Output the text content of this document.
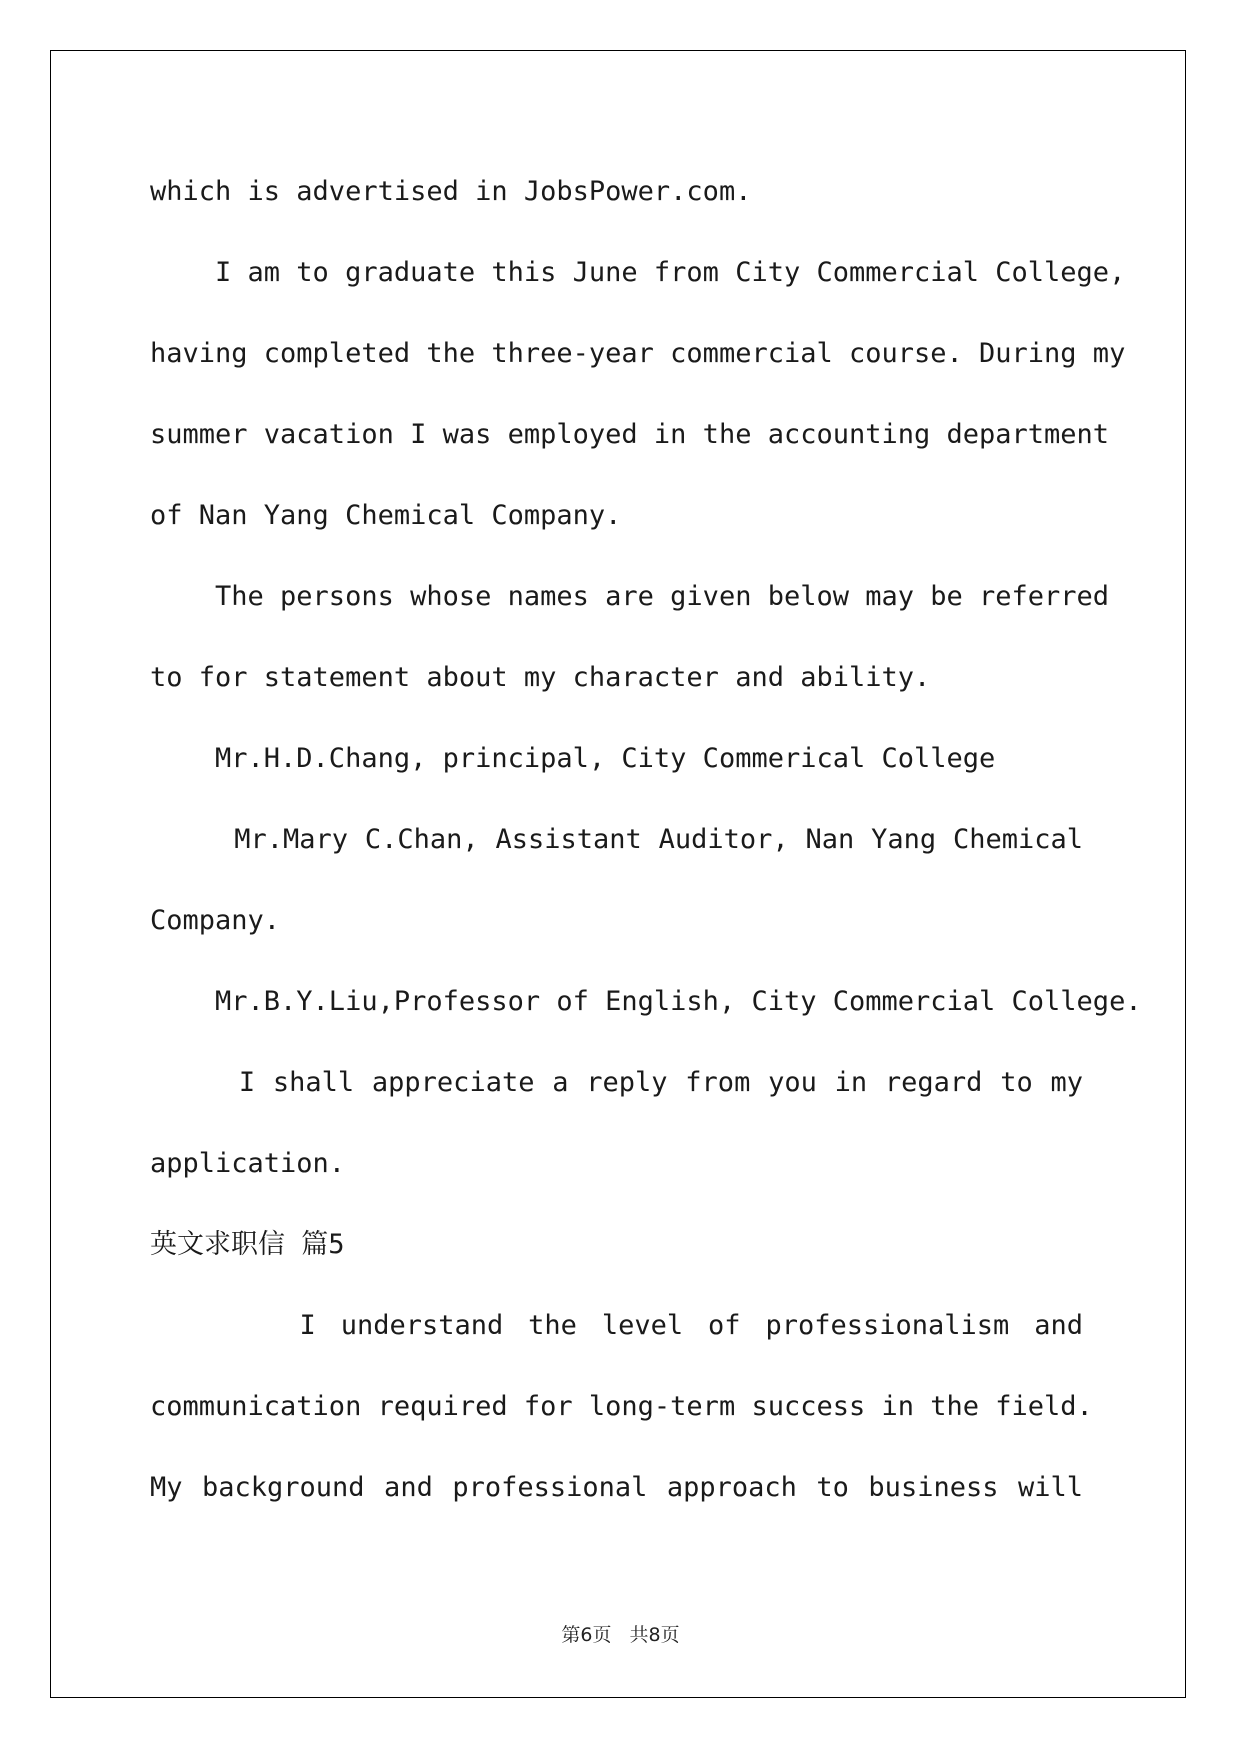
which is advertised in JobsPower.com.
I am to graduate this June from City Commercial College,
having completed the three-year commercial course. During my
summer vacation I was employed in the accounting department
of Nan Yang Chemical Company.
The persons whose names are given below may be referred
to for statement about my character and ability.
Mr.H.D.Chang, principal, City Commerical College
Mr.Mary C.Chan, Assistant Auditor, Nan Yang Chemical
Company.
Mr.B.Y.Liu,Professor of English, City Commercial College.
I shall appreciate a reply from you in regard to my
application.
英文求职信 篇5
I understand the level of professionalism and
communication required for long-term success in the field.
My background and professional approach to business will
第6页 共8页
